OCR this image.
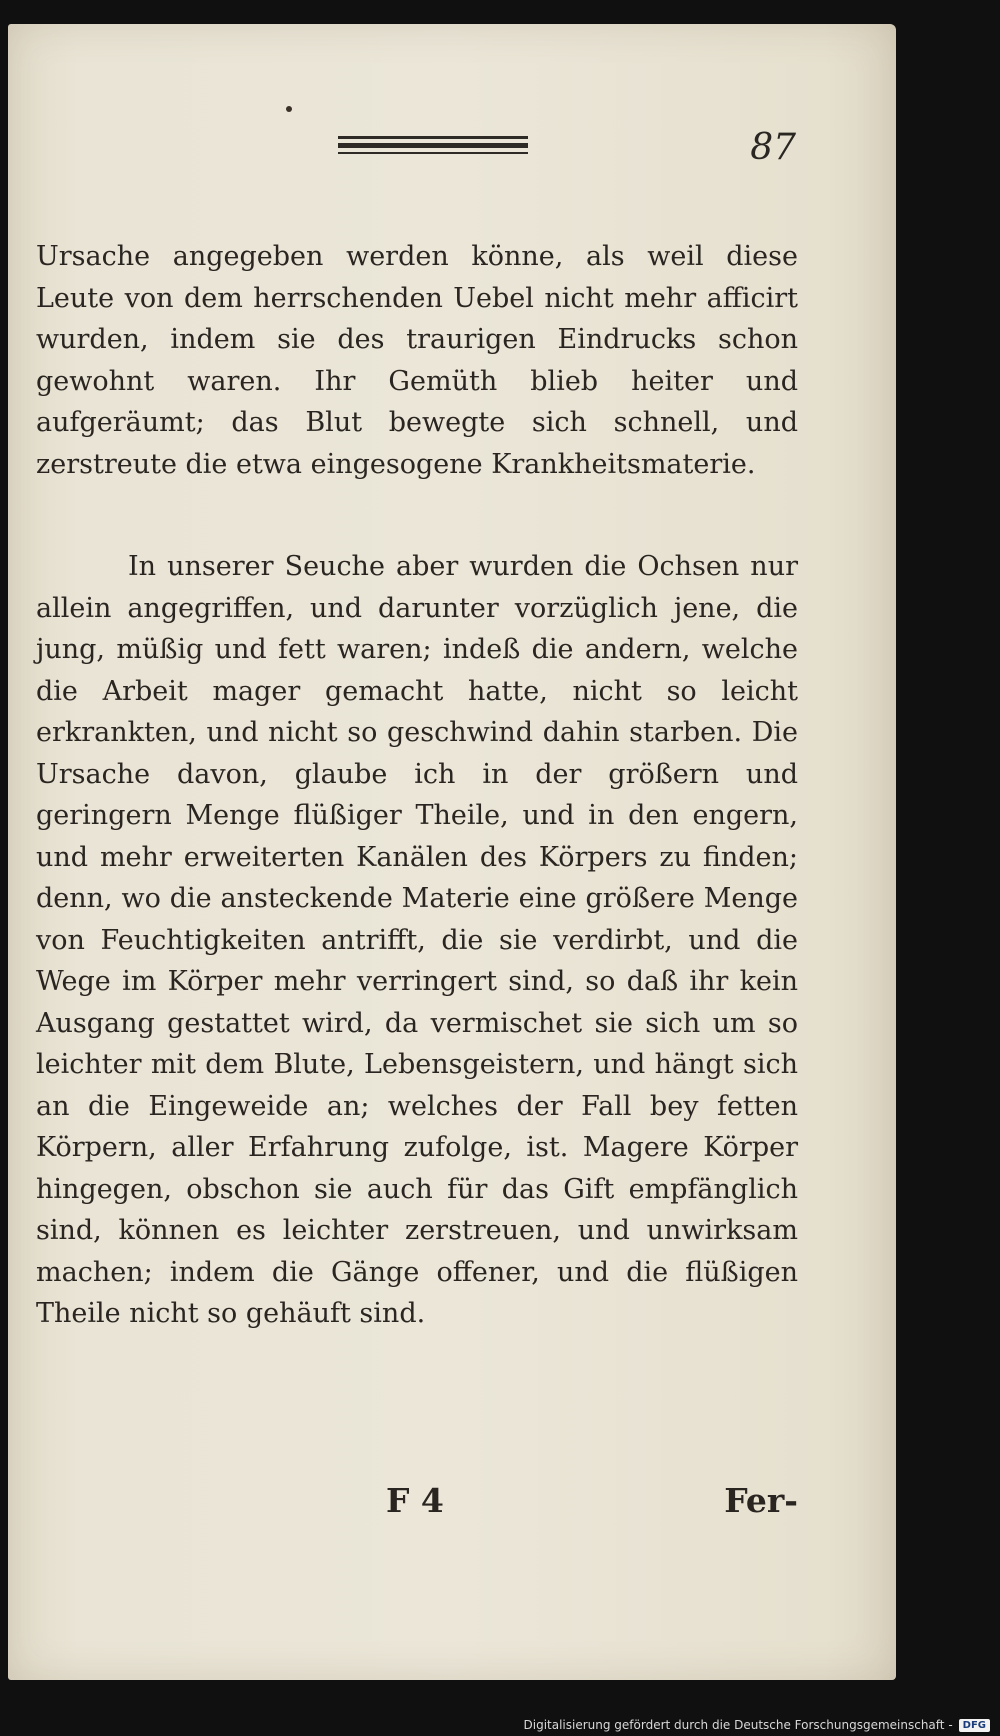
87
Ursache angegeben werden könne, als weil diese Leute von dem herrschenden Uebel nicht mehr afficirt wurden, indem sie des traurigen Eindrucks schon gewohnt waren. Ihr Gemüth blieb heiter und aufgeräumt; das Blut bewegte sich schnell, und zerstreute die etwa eingesogene Krankheitsmaterie.
In unserer Seuche aber wurden die Ochsen nur allein angegriffen, und darunter vorzüglich jene, die jung, müßig und fett waren; indeß die andern, welche die Arbeit mager gemacht hatte, nicht so leicht erkrankten, und nicht so geschwind dahin starben. Die Ursache davon, glaube ich in der größern und geringern Menge flüßiger Theile, und in den engern, und mehr erweiterten Kanälen des Körpers zu finden; denn, wo die ansteckende Materie eine größere Menge von Feuchtigkeiten antrifft, die sie verdirbt, und die Wege im Körper mehr verringert sind, so daß ihr kein Ausgang gestattet wird, da vermischet sie sich um so leichter mit dem Blute, Lebensgeistern, und hängt sich an die Eingeweide an; welches der Fall bey fetten Körpern, aller Erfahrung zufolge, ist. Magere Körper hingegen, obschon sie auch für das Gift empfänglich sind, können es leichter zerstreuen, und unwirksam machen; indem die Gänge offener, und die flüßigen Theile nicht so gehäuft sind.
F 4	Fer-
Digitalisierung gefördert durch die Deutsche Forschungsgemeinschaft -	DFG
